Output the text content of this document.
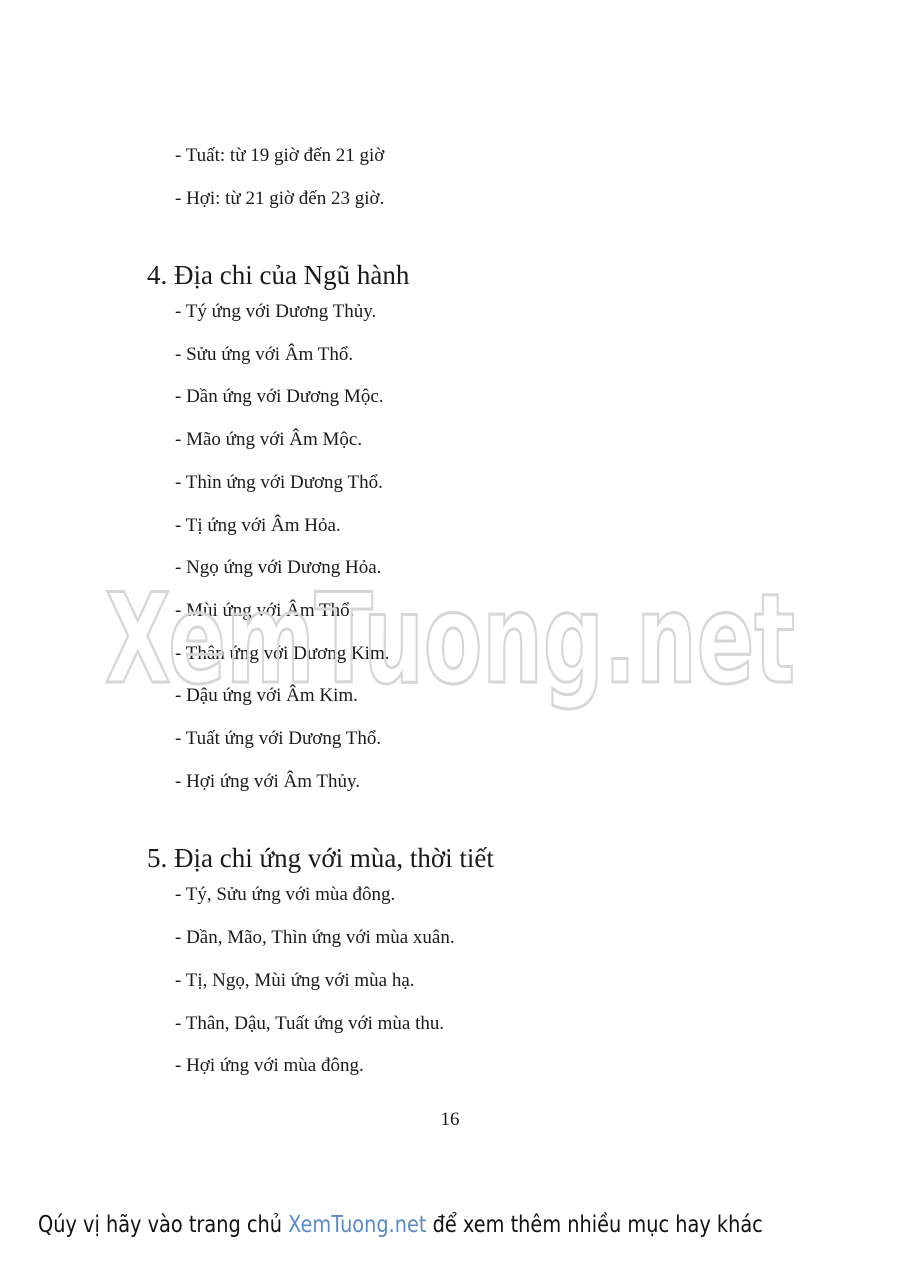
- Tuất: từ 19 giờ đến 21 giờ

- Hợi: từ 21 giờ đến 23 giờ.

4. Địa chi của Ngũ hành

- Tý ứng với Dương Thủy.

- Sửu ứng với Âm Thổ.

- Dần ứng với Dương Mộc.

- Mão ứng với Âm Mộc.

- Thìn ứng với Dương Thổ.

- Tị ứng với Âm Hỏa.

- Ngọ ứng với Dương Hỏa.

- Mùi ứng với Âm Thổ.

- Thân ứng với Dương Kim.

- Dậu ứng với Âm Kim.

- Tuất ứng với Dương Thổ.

- Hợi ứng với Âm Thủy.

5. Địa chi ứng với mùa, thời tiết

- Tý, Sửu ứng với mùa đông.

- Dần, Mão, Thìn ứng với mùa xuân.

- Tị, Ngọ, Mùi ứng với mùa hạ.

- Thân, Dậu, Tuất ứng với mùa thu.

- Hợi ứng với mùa đông.

16
XemTuong.net
Qúy vị hãy vào trang chủ XemTuong.net để xem thêm nhiều mục hay khác
